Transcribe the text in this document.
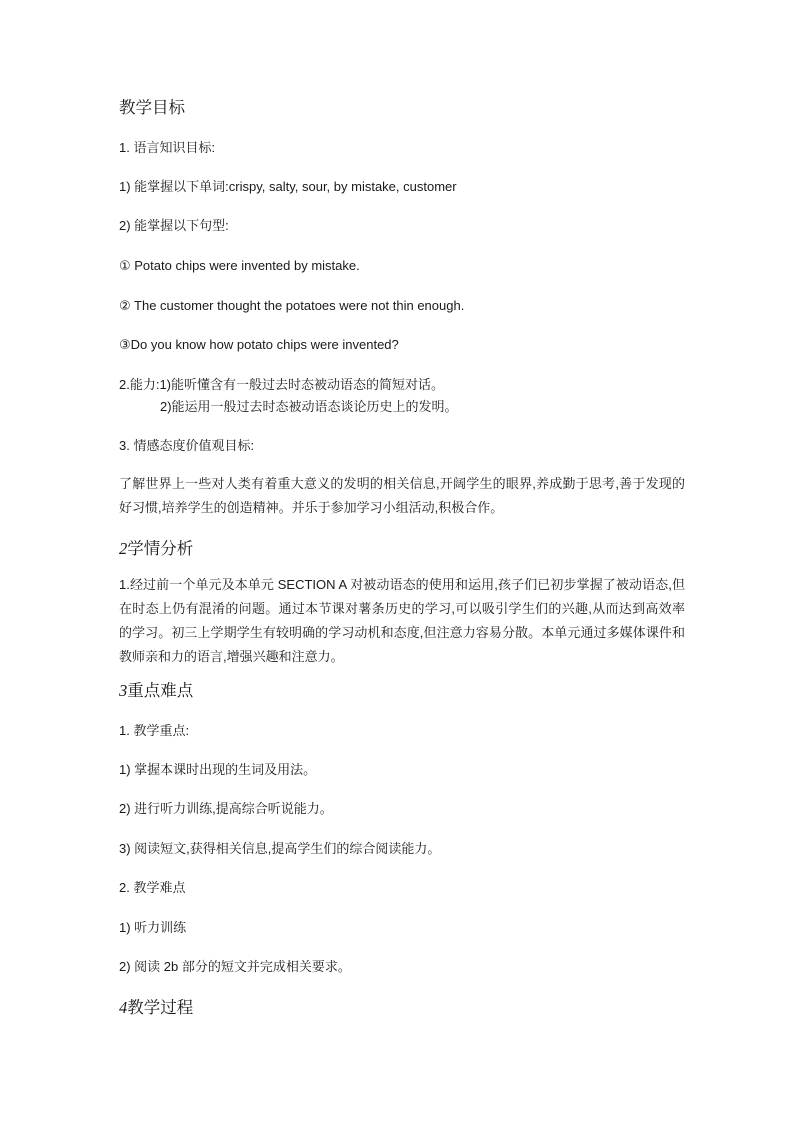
教学目标
1. 语言知识目标:
1) 能掌握以下单词:crispy, salty, sour, by mistake, customer
2) 能掌握以下句型:
① Potato chips were invented by mistake.
② The customer thought the potatoes were not thin enough.
③Do you know how potato chips were invented?
2.能力:1)能听懂含有一般过去时态被动语态的简短对话。
2)能运用一般过去时态被动语态谈论历史上的发明。
3. 情感态度价值观目标:

了解世界上一些对人类有着重大意义的发明的相关信息,开阔学生的眼界,养成勤于思考,善于发现的好习惯,培养学生的创造精神。并乐于参加学习小组活动,积极合作。

2学情分析

1.经过前一个单元及本单元 SECTION A 对被动语态的使用和运用,孩子们已初步掌握了被动语态,但在时态上仍有混淆的问题。通过本节课对薯条历史的学习,可以吸引学生们的兴趣,从而达到高效率的学习。初三上学期学生有较明确的学习动机和态度,但注意力容易分散。本单元通过多媒体课件和教师亲和力的语言,增强兴趣和注意力。

3重点难点
1. 教学重点:
1) 掌握本课时出现的生词及用法。
2) 进行听力训练,提高综合听说能力。
3) 阅读短文,获得相关信息,提高学生们的综合阅读能力。
2. 教学难点
1) 听力训练
2) 阅读 2b 部分的短文并完成相关要求。
4教学过程
